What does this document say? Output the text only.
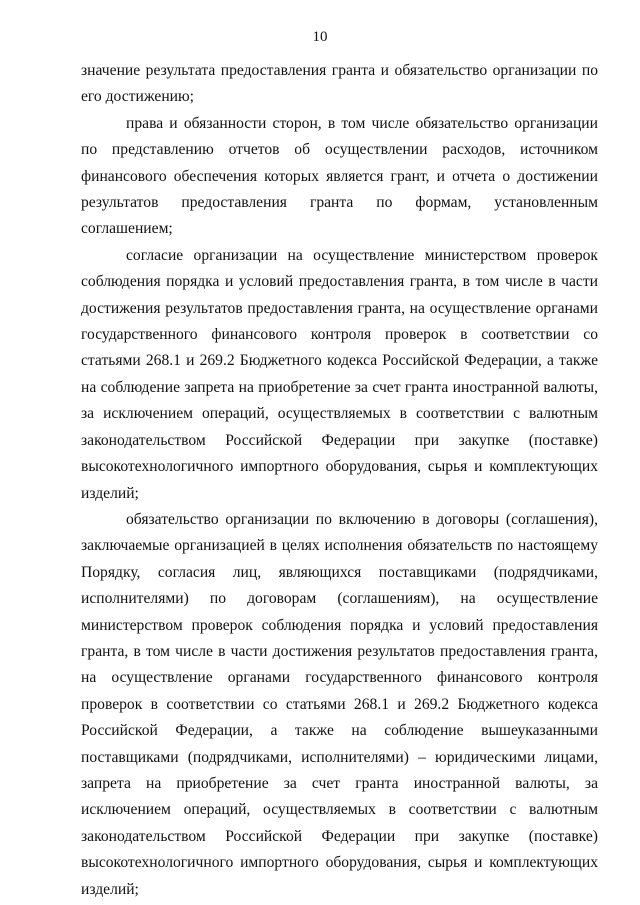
10

значение результата предоставления гранта и обязательство организации по его достижению;

права и обязанности сторон, в том числе обязательство организации по представлению отчетов об осуществлении расходов, источником финансового обеспечения которых является грант, и отчета о достижении результатов предоставления гранта по формам, установленным соглашением;

согласие организации на осуществление министерством проверок соблюдения порядка и условий предоставления гранта, в том числе в части достижения результатов предоставления гранта, на осуществление органами государственного финансового контроля проверок в соответствии со статьями 268.1 и 269.2 Бюджетного кодекса Российской Федерации, а также на соблюдение запрета на приобретение за счет гранта иностранной валюты, за исключением операций, осуществляемых в соответствии с валютным законодательством Российской Федерации при закупке (поставке) высокотехнологичного импортного оборудования, сырья и комплектующих изделий;

обязательство организации по включению в договоры (соглашения), заключаемые организацией в целях исполнения обязательств по настоящему Порядку, согласия лиц, являющихся поставщиками (подрядчиками, исполнителями) по договорам (соглашениям), на осуществление министерством проверок соблюдения порядка и условий предоставления гранта, в том числе в части достижения результатов предоставления гранта, на осуществление органами государственного финансового контроля проверок в соответствии со статьями 268.1 и 269.2 Бюджетного кодекса Российской Федерации, а также на соблюдение вышеуказанными поставщиками (подрядчиками, исполнителями) – юридическими лицами, запрета на приобретение за счет гранта иностранной валюты, за исключением операций, осуществляемых в соответствии с валютным законодательством Российской Федерации при закупке (поставке) высокотехнологичного импортного оборудования, сырья и комплектующих изделий;
